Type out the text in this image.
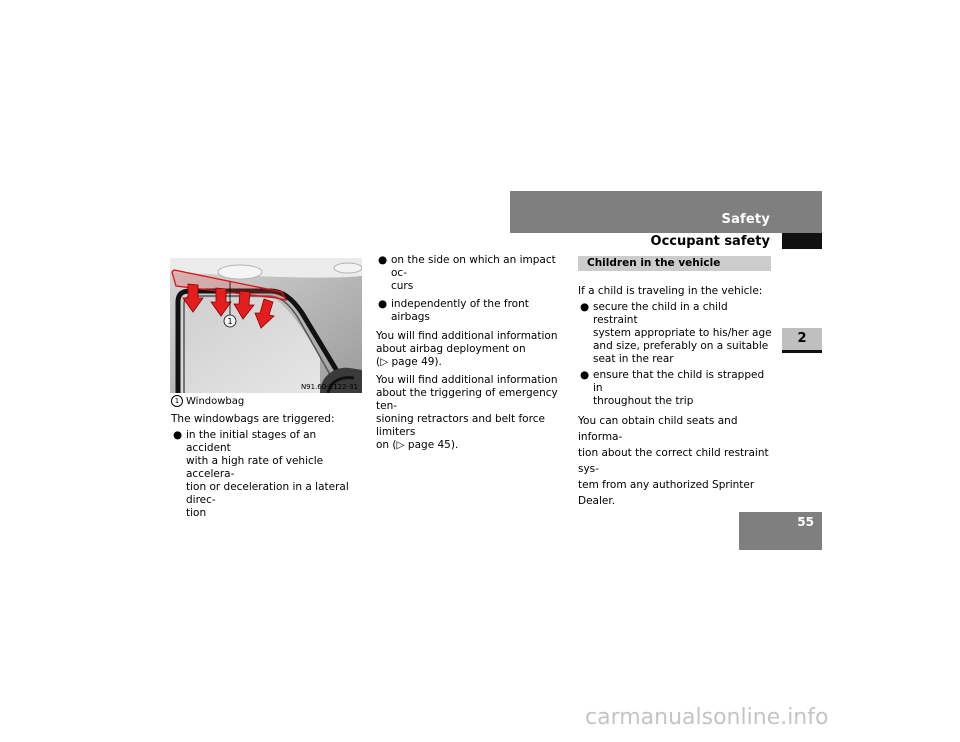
Safety
Occupant safety
2
55
1
N91.60-2122-31
1 Windowbag
The windowbags are triggered:
● in the initial stages of an accident
with a high rate of vehicle accelera-
tion or deceleration in a lateral direc-
tion
● on the side on which an impact oc-
curs
● independently of the front airbags
You will find additional information
about airbag deployment on
(▷ page 49).
You will find additional information
about the triggering of emergency ten-
sioning retractors and belt force limiters
on (▷ page 45).
Children in the vehicle
If a child is traveling in the vehicle:
● secure the child in a child restraint
system appropriate to his/her age
and size, preferably on a suitable
seat in the rear
● ensure that the child is strapped in
throughout the trip
You can obtain child seats and informa-
tion about the correct child restraint sys-
tem from any authorized Sprinter
Dealer.
carmanualsonline.info
